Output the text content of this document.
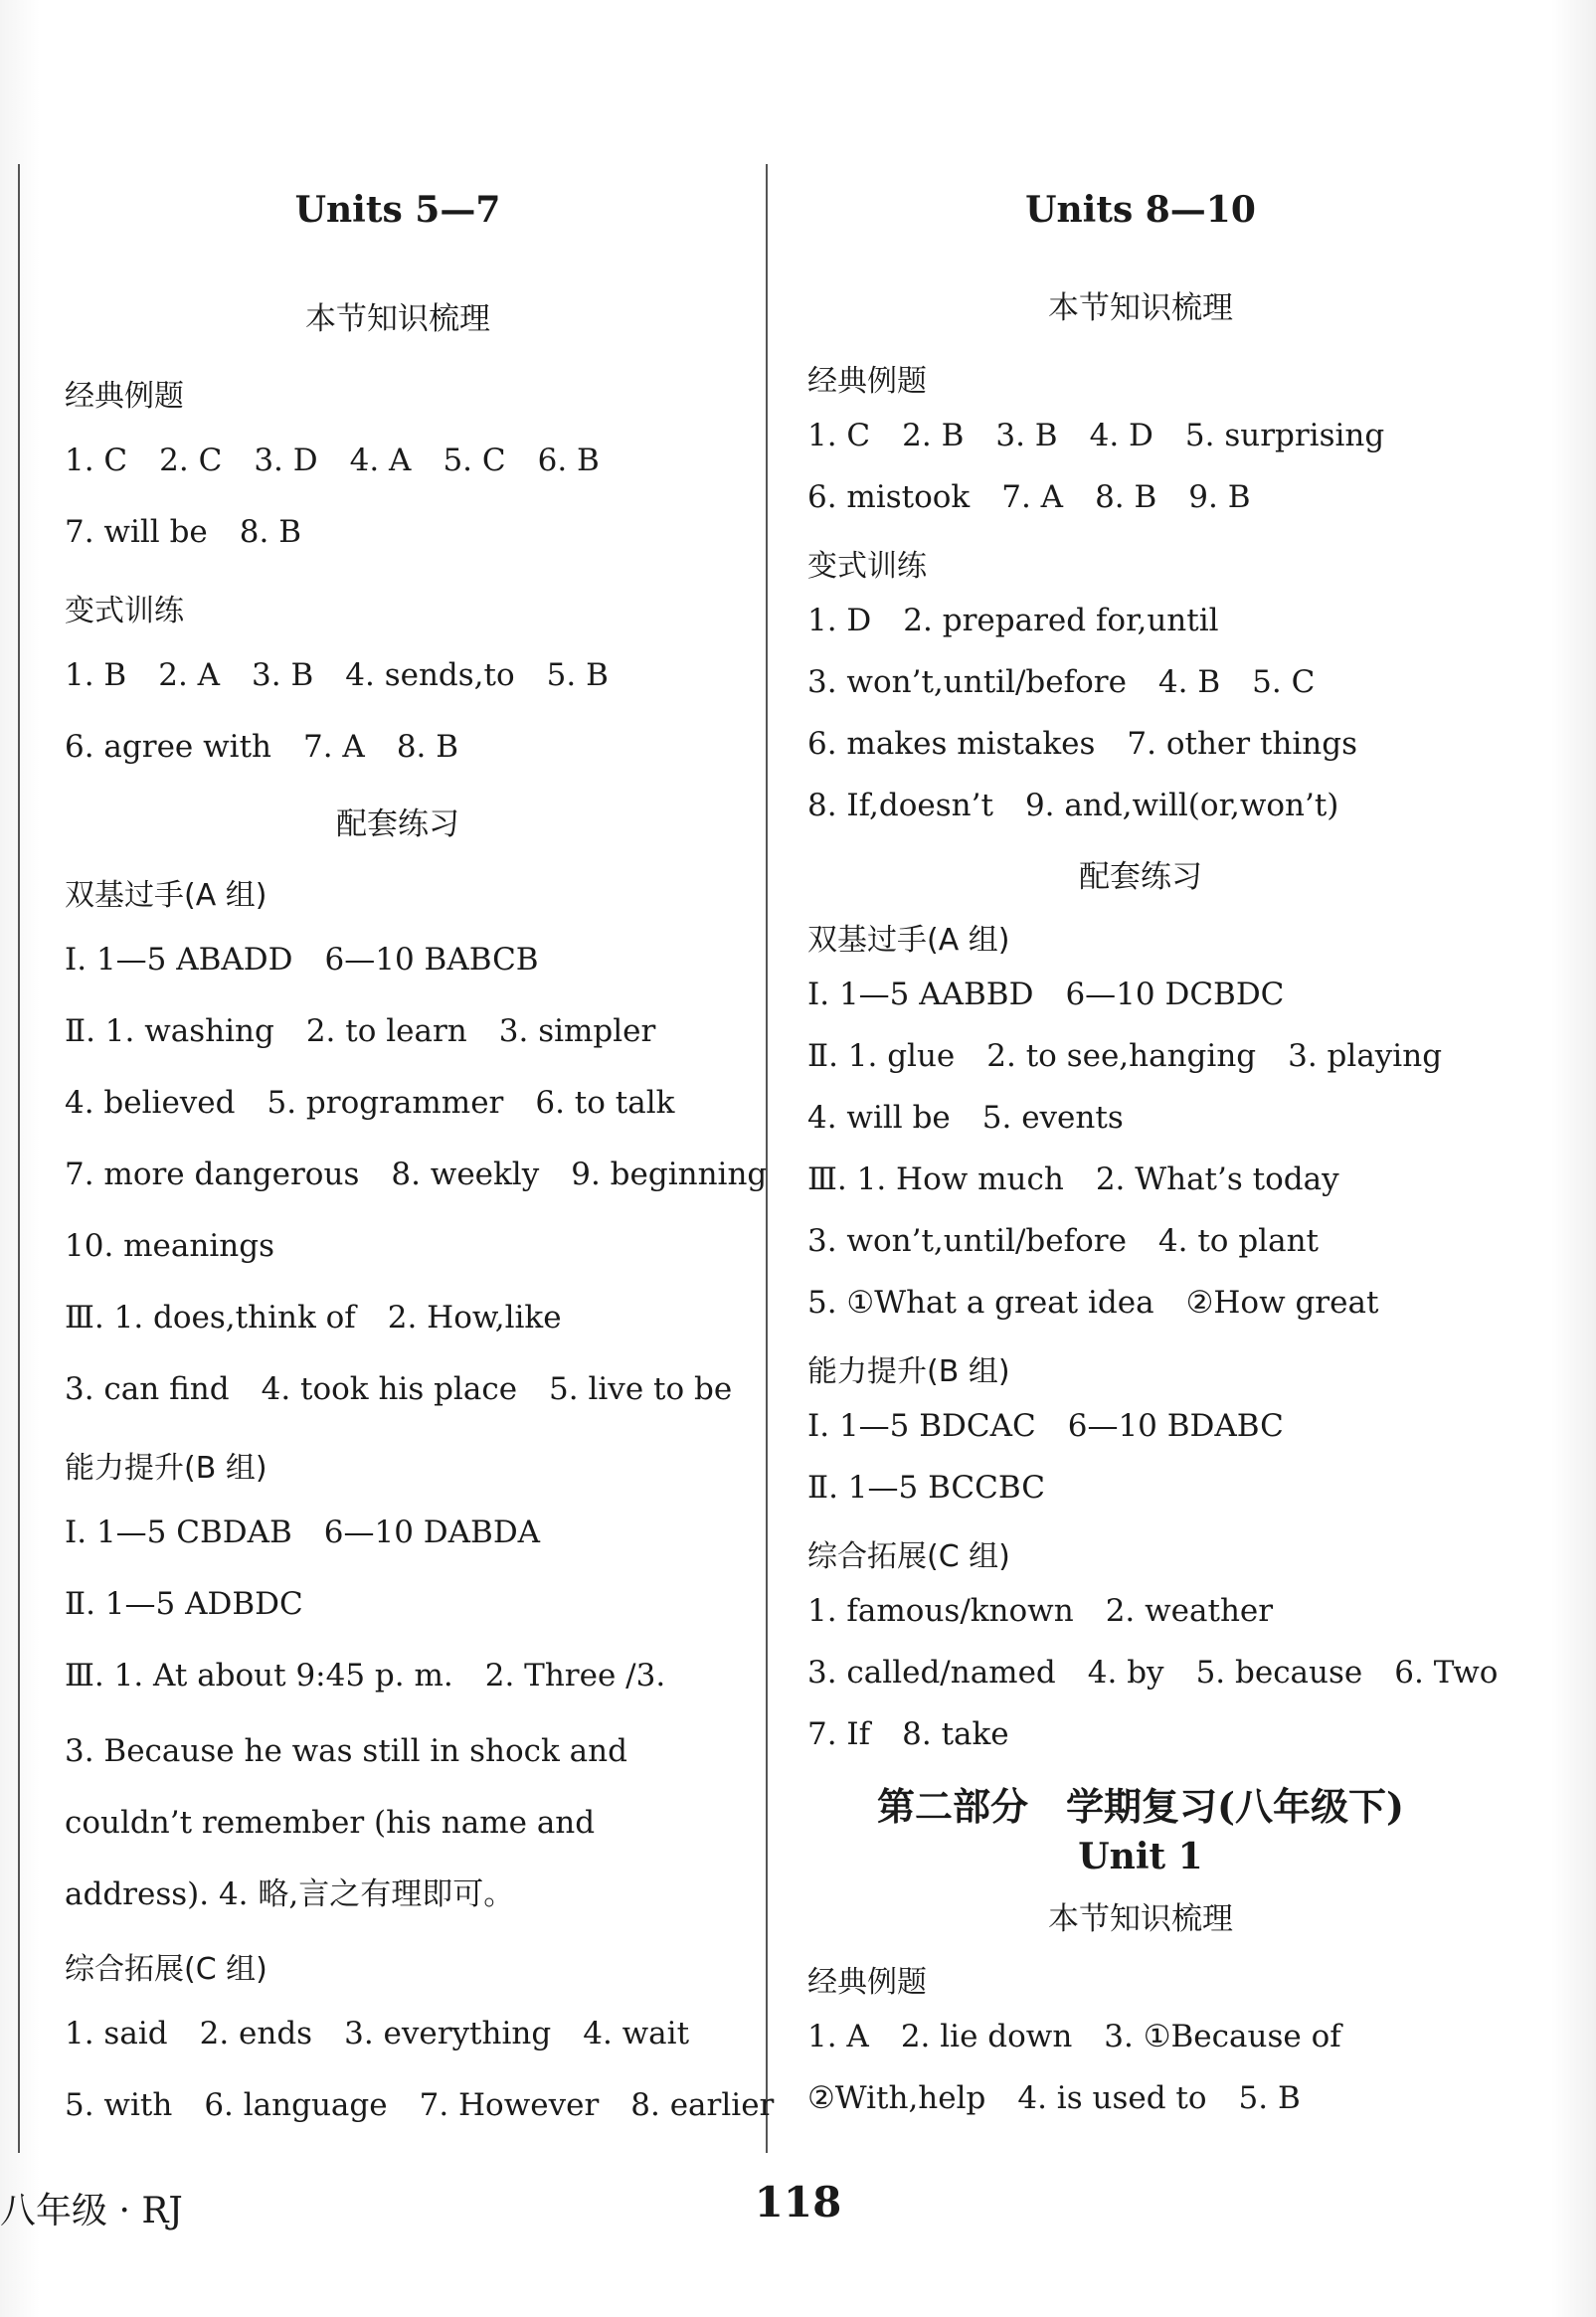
Units 5—7
本节知识梳理
经典例题
1. C 2. C 3. D 4. A 5. C 6. B
7. will be 8. B
变式训练
1. B 2. A 3. B 4. sends,to 5. B
6. agree with 7. A 8. B
配套练习
双基过手(A 组)
Ⅰ. 1—5 ABADD 6—10 BABCB
Ⅱ. 1. washing 2. to learn 3. simpler
4. believed 5. programmer 6. to talk
7. more dangerous 8. weekly 9. beginning
10. meanings
Ⅲ. 1. does,think of 2. How,like
3. can find 4. took his place 5. live to be
能力提升(B 组)
Ⅰ. 1—5 CBDAB 6—10 DABDA
Ⅱ. 1—5 ADBDC
Ⅲ. 1. At about 9:45 p. m. 2. Three /3.
3. Because he was still in shock and couldn’t remember (his name and address). 4. 略,言之有理即可。
综合拓展(C 组)
1. said 2. ends 3. everything 4. wait
5. with 6. language 7. However 8. earlier
Units 8—10
本节知识梳理
经典例题
1. C 2. B 3. B 4. D 5. surprising
6. mistook 7. A 8. B 9. B
变式训练
1. D 2. prepared for,until
3. won’t,until/before 4. B 5. C
6. makes mistakes 7. other things
8. If,doesn’t 9. and,will(or,won’t)
配套练习
双基过手(A 组)
Ⅰ. 1—5 AABBD 6—10 DCBDC
Ⅱ. 1. glue 2. to see,hanging 3. playing
4. will be 5. events
Ⅲ. 1. How much 2. What’s today
3. won’t,until/before 4. to plant
5. ①What a great idea ②How great
能力提升(B 组)
Ⅰ. 1—5 BDCAC 6—10 BDABC
Ⅱ. 1—5 BCCBC
综合拓展(C 组)
1. famous/known 2. weather
3. called/named 4. by 5. because 6. Two
7. If 8. take
第二部分　学期复习(八年级下)
Unit 1
本节知识梳理
经典例题
1. A 2. lie down 3. ①Because of
②With,help 4. is used to 5. B
八年级 · RJ	118
